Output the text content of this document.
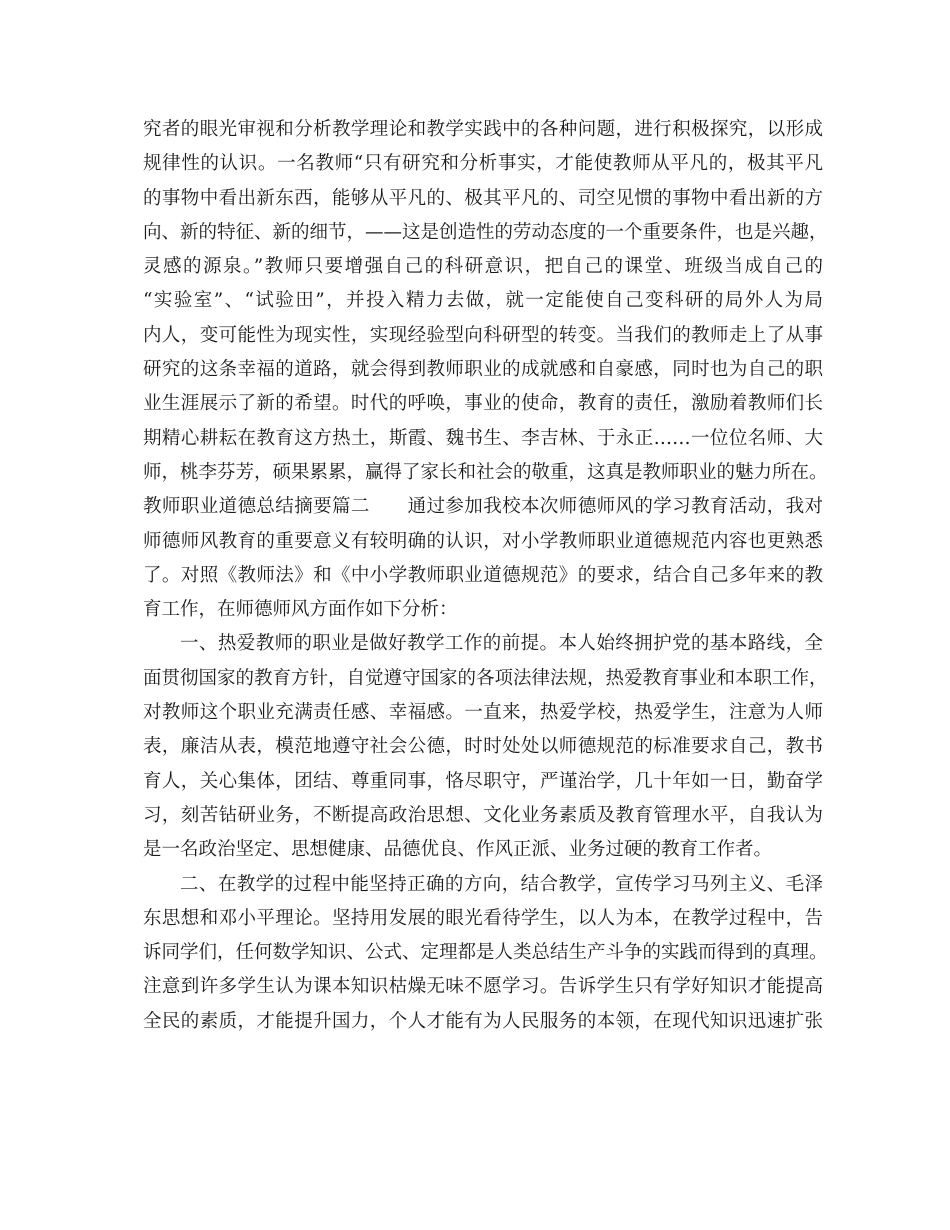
究者的眼光审视和分析教学理论和教学实践中的各种问题，进行积极探究，以形成
规律性的认识。一名教师“只有研究和分析事实，才能使教师从平凡的，极其平凡
的事物中看出新东西，能够从平凡的、极其平凡的、司空见惯的事物中看出新的方
向、新的特征、新的细节，——这是创造性的劳动态度的一个重要条件，也是兴趣，
灵感的源泉。”教师只要增强自己的科研意识，把自己的课堂、班级当成自己的
“实验室”、“试验田”，并投入精力去做，就一定能使自己变科研的局外人为局
内人，变可能性为现实性，实现经验型向科研型的转变。当我们的教师走上了从事
研究的这条幸福的道路，就会得到教师职业的成就感和自豪感，同时也为自己的职
业生涯展示了新的希望。时代的呼唤，事业的使命，教育的责任，激励着教师们长
期精心耕耘在教育这方热土，斯霞、魏书生、李吉林、于永正……一位位名师、大
师，桃李芬芳，硕果累累，赢得了家长和社会的敬重，这真是教师职业的魅力所在。
教师职业道德总结摘要篇二　　通过参加我校本次师德师风的学习教育活动，我对
师德师风教育的重要意义有较明确的认识，对小学教师职业道德规范内容也更熟悉
了。对照《教师法》和《中小学教师职业道德规范》的要求，结合自己多年来的教
育工作，在师德师风方面作如下分析：
一、热爱教师的职业是做好教学工作的前提。本人始终拥护党的基本路线，全
面贯彻国家的教育方针，自觉遵守国家的各项法律法规，热爱教育事业和本职工作，
对教师这个职业充满责任感、幸福感。一直来，热爱学校，热爱学生，注意为人师
表，廉洁从表，模范地遵守社会公德，时时处处以师德规范的标准要求自己，教书
育人，关心集体，团结、尊重同事，恪尽职守，严谨治学，几十年如一日，勤奋学
习，刻苦钻研业务，不断提高政治思想、文化业务素质及教育管理水平，自我认为
是一名政治坚定、思想健康、品德优良、作风正派、业务过硬的教育工作者。
二、在教学的过程中能坚持正确的方向，结合教学，宣传学习马列主义、毛泽
东思想和邓小平理论。坚持用发展的眼光看待学生，以人为本，在教学过程中，告
诉同学们，任何数学知识、公式、定理都是人类总结生产斗争的实践而得到的真理。
注意到许多学生认为课本知识枯燥无味不愿学习。告诉学生只有学好知识才能提高
全民的素质，才能提升国力，个人才能有为人民服务的本领，在现代知识迅速扩张
